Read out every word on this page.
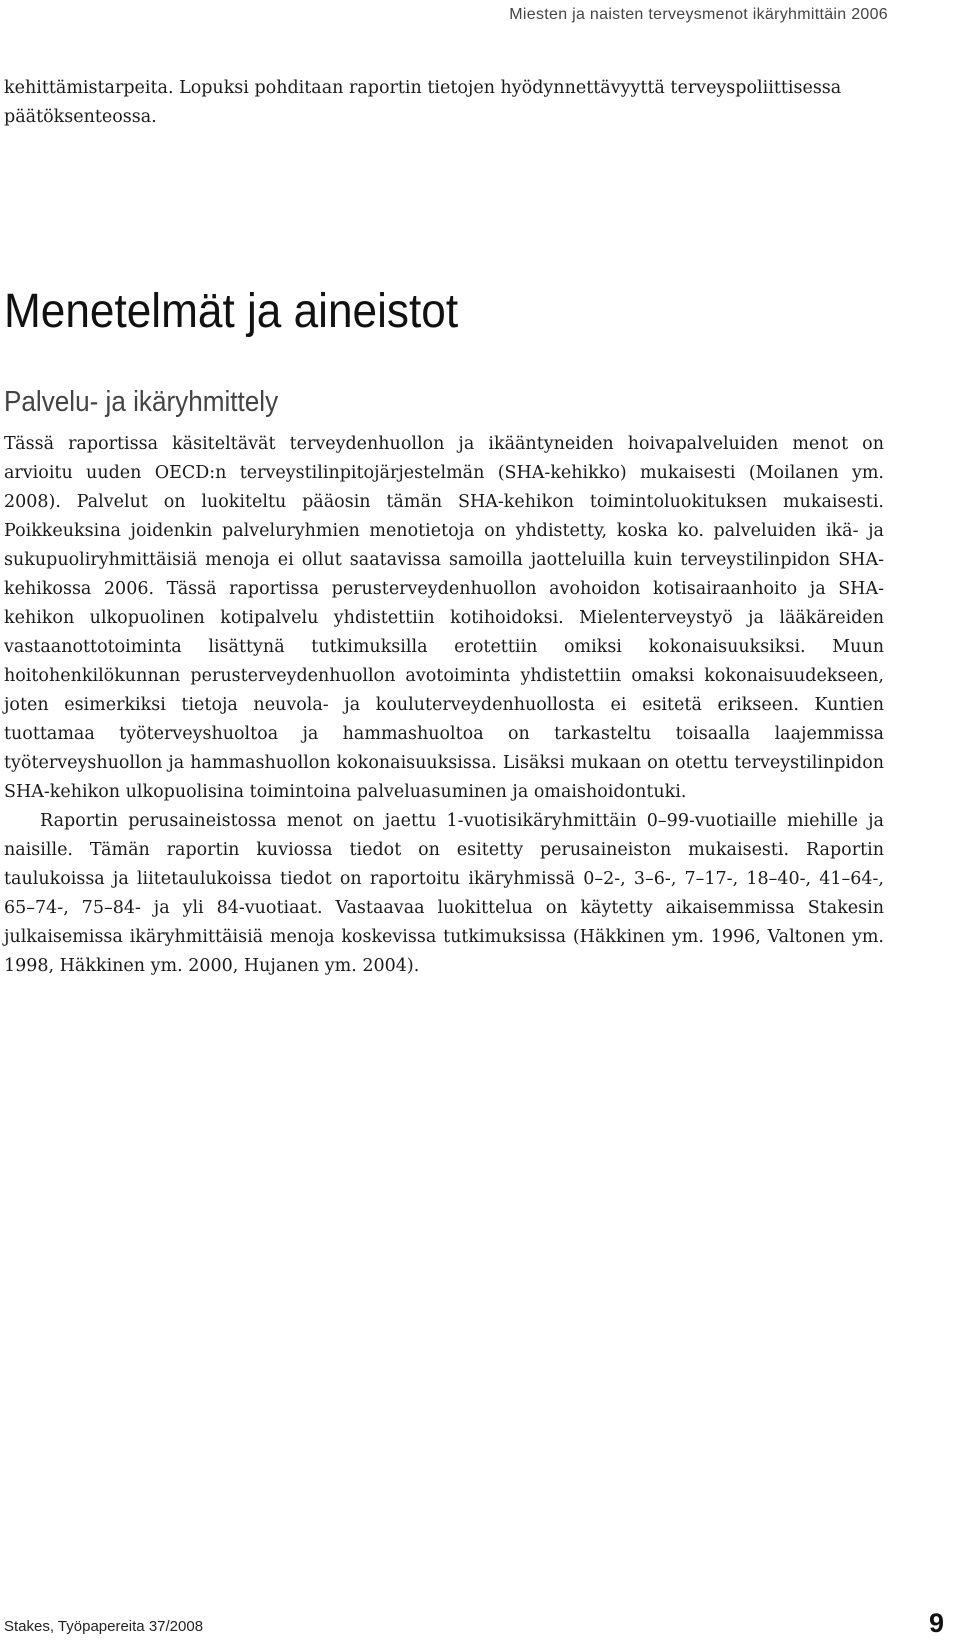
Miesten ja naisten terveysmenot ikäryhmittäin 2006

kehittämistarpeita. Lopuksi pohditaan raportin tietojen hyödynnettävyyttä terveyspoliittisessa päätöksenteossa.

Menetelmät ja aineistot
Palvelu- ja ikäryhmittely

Tässä raportissa käsiteltävät terveydenhuollon ja ikääntyneiden hoivapalveluiden menot on arvioitu uuden OECD:n terveystilinpitojärjestelmän (SHA-kehikko) mukaisesti (Moilanen ym. 2008). Palvelut on luokiteltu pääosin tämän SHA-kehikon toimintoluokituksen mukaisesti. Poikkeuksina joidenkin palveluryhmien menotietoja on yhdistetty, koska ko. palveluiden ikä- ja sukupuoliryhmittäisiä menoja ei ollut saatavissa samoilla jaotteluilla kuin terveystilinpidon SHA-kehikossa 2006. Tässä raportissa perusterveydenhuollon avohoidon kotisairaanhoito ja SHA-kehikon ulkopuolinen kotipalvelu yhdistettiin kotihoidoksi. Mielenterveystyö ja lääkäreiden vastaanottotoiminta lisättynä tutkimuksilla erotettiin omiksi kokonaisuuksiksi. Muun hoitohenkilökunnan perusterveydenhuollon avotoiminta yhdistettiin omaksi kokonaisuudekseen, joten esimerkiksi tietoja neuvola- ja kouluterveydenhuollosta ei esitetä erikseen. Kuntien tuottamaa työterveyshuoltoa ja hammashuoltoa on tarkasteltu toisaalla laajemmissa työterveyshuollon ja hammashuollon kokonaisuuksissa. Lisäksi mukaan on otettu terveystilinpidon SHA-kehikon ulkopuolisina toimintoina palveluasuminen ja omaishoidontuki.

Raportin perusaineistossa menot on jaettu 1-vuotisikäryhmittäin 0–99-vuotiaille miehille ja naisille. Tämän raportin kuviossa tiedot on esitetty perusaineiston mukaisesti. Raportin taulukoissa ja liitetaulukoissa tiedot on raportoitu ikäryhmissä 0–2-, 3–6-, 7–17-, 18–40-, 41–64-, 65–74-, 75–84- ja yli 84-vuotiaat. Vastaavaa luokittelua on käytetty aikaisemmissa Stakesin julkaisemissa ikäryhmittäisiä menoja koskevissa tutkimuksissa (Häkkinen ym. 1996, Valtonen ym. 1998, Häkkinen ym. 2000, Hujanen ym. 2004).

Stakes, Työpapereita 37/2008	9
